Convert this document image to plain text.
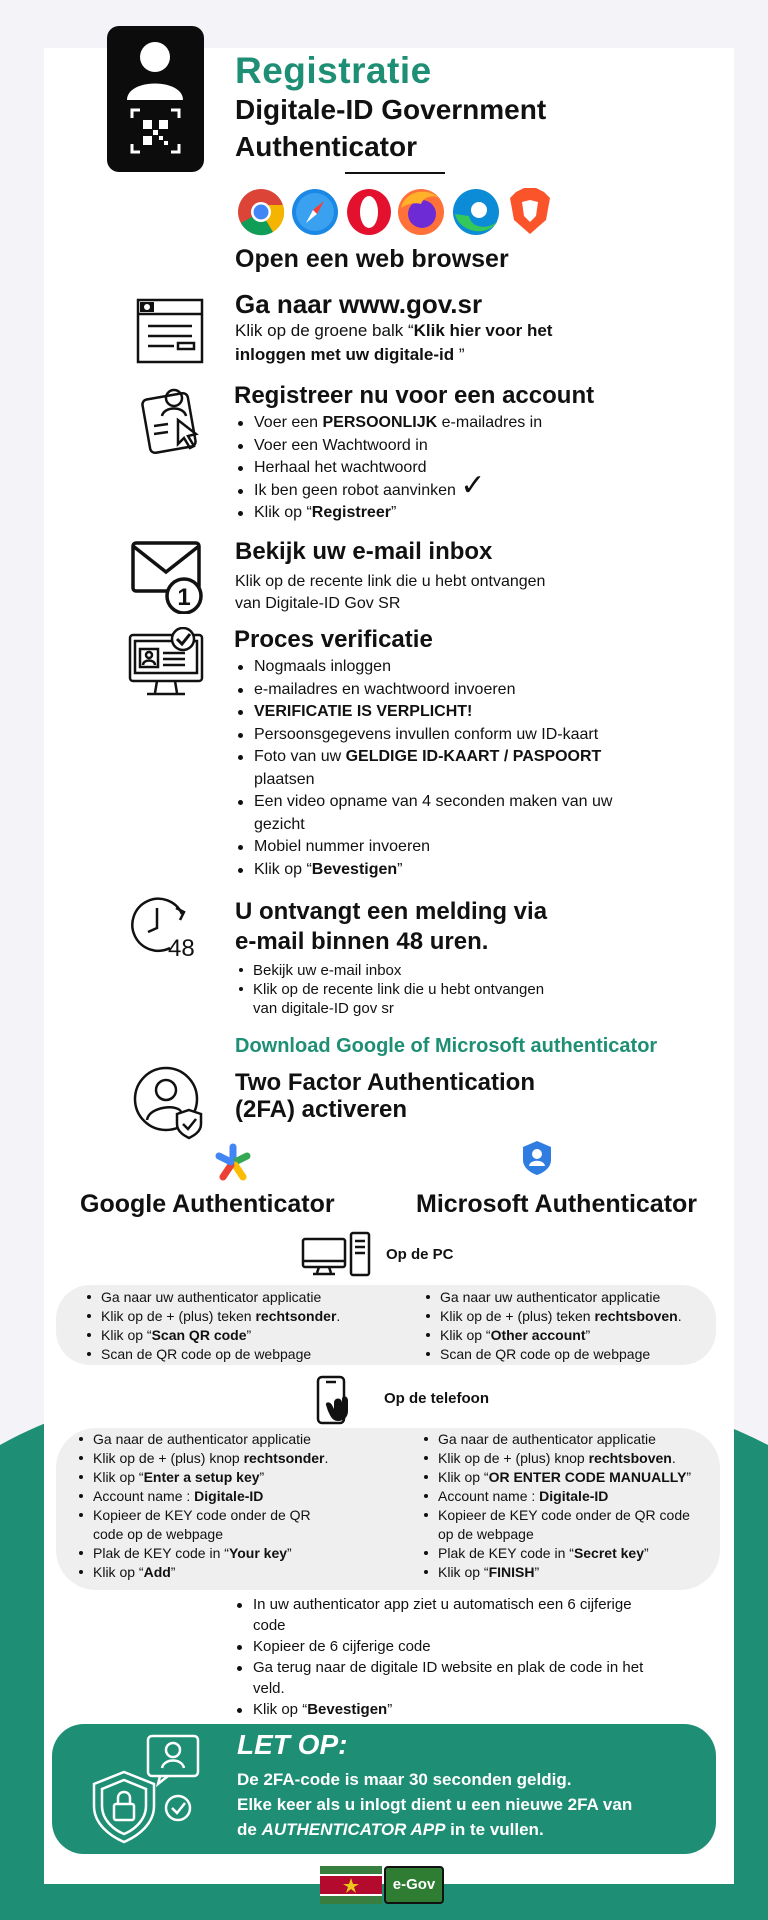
Registratie
Digitale-ID Government
Authenticator
Open een web browser
Ga naar www.gov.sr
Klik op de groene balk “Klik hier voor het
inloggen met uw digitale-id ”
Registreer nu voor een account
Voer een PERSOONLIJK e-mailadres in
Voer een Wachtwoord in
Herhaal het wachtwoord
Ik ben geen robot aanvinken ✓
Klik op “Registreer”
1
Bekijk uw e-mail inbox
Klik op de recente link die u hebt ontvangen
van Digitale-ID Gov SR
Proces verificatie
Nogmaals inloggen
e-mailadres en wachtwoord invoeren
VERIFICATIE IS VERPLICHT!
Persoonsgegevens invullen conform uw ID-kaart
Foto van uw GELDIGE ID-KAART / PASPOORT
plaatsen
Een video opname van 4 seconden maken van uw
gezicht
Mobiel nummer invoeren
Klik op “Bevestigen”
48
U ontvangt een melding via
e-mail binnen 48 uren.
Bekijk uw e-mail inbox
Klik op de recente link die u hebt ontvangen
van digitale-ID gov sr
Download Google of Microsoft authenticator
Two Factor Authentication
(2FA) activeren
Google Authenticator	Microsoft Authenticator
Op de PC
Ga naar uw authenticator applicatie
Klik op de + (plus) teken rechtsonder.
Klik op “Scan QR code”
Scan de QR code op de webpage
Ga naar uw authenticator applicatie
Klik op de + (plus) teken rechtsboven.
Klik op “Other account”
Scan de QR code op de webpage
Op de telefoon
Ga naar de authenticator applicatie
Klik op de + (plus) knop rechtsonder.
Klik op “Enter a setup key”
Account name : Digitale-ID
Kopieer de KEY code onder de QR
code op de webpage
Plak de KEY code in “Your key”
Klik op “Add”
Ga naar de authenticator applicatie
Klik op de + (plus) knop rechtsboven.
Klik op “OR ENTER CODE MANUALLY”
Account name : Digitale-ID
Kopieer de KEY code onder de QR code
op de webpage
Plak de KEY code in “Secret key”
Klik op “FINISH”
In uw authenticator app ziet u automatisch een 6 cijferige
code
Kopieer de 6 cijferige code
Ga terug naar de digitale ID website en plak de code in het
veld.
Klik op “Bevestigen”
LET OP:
De 2FA-code is maar 30 seconden geldig.
Elke keer als u inlogt dient u een nieuwe 2FA van
de AUTHENTICATOR APP in te vullen.
e-Gov
